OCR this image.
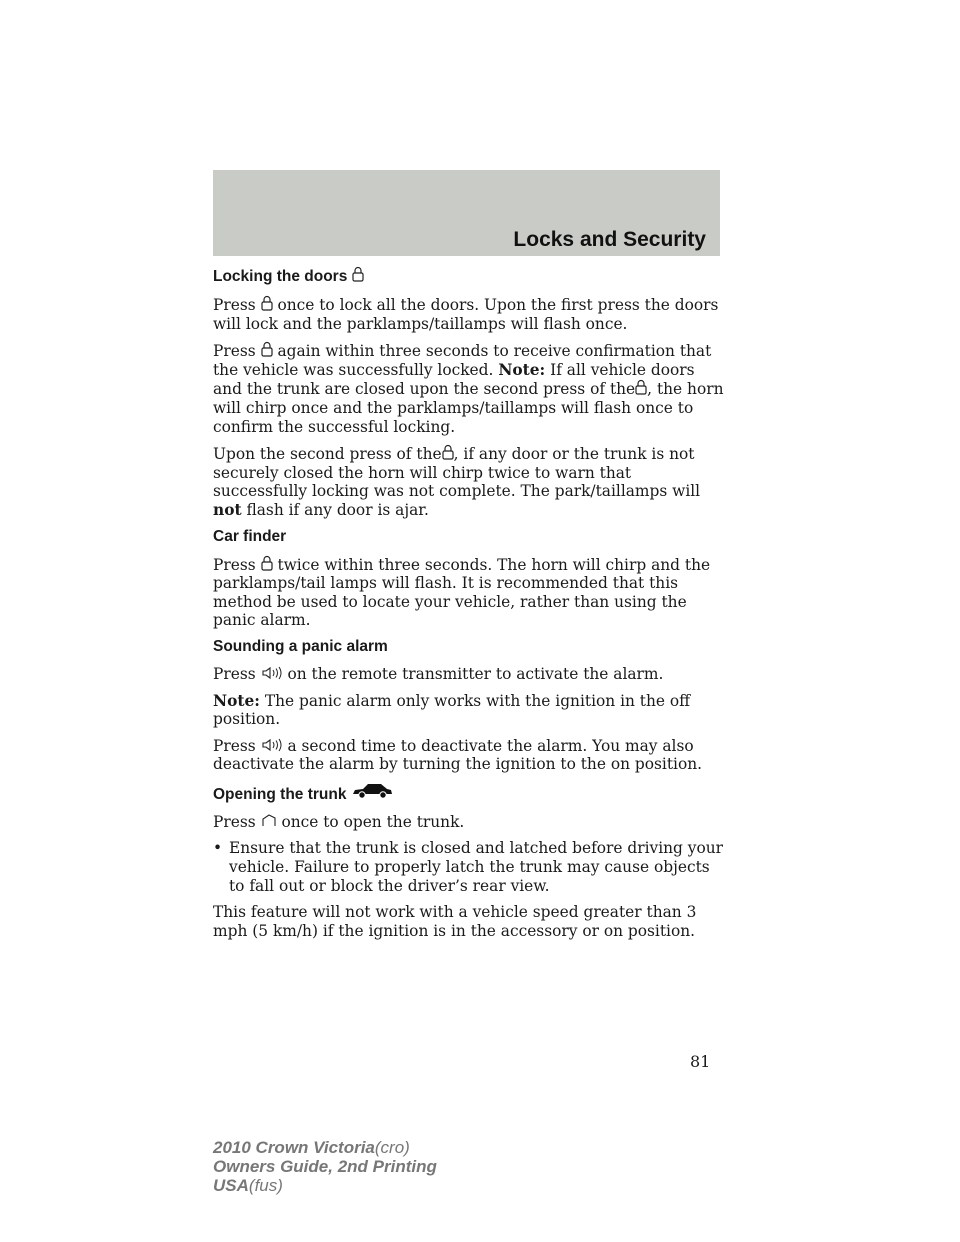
Locks and Security
Locking the doors

Press once to lock all the doors. Upon the first press the doors will lock and the parklamps/taillamps will flash once.

Press again within three seconds to receive confirmation that the vehicle was successfully locked. Note: If all vehicle doors and the trunk are closed upon the second press of the , the horn will chirp once and the parklamps/taillamps will flash once to confirm the successful locking.

Upon the second press of the , if any door or the trunk is not securely closed the horn will chirp twice to warn that successfully locking was not complete. The park/taillamps will not flash if any door is ajar.

Car finder

Press twice within three seconds. The horn will chirp and the parklamps/tail lamps will flash. It is recommended that this method be used to locate your vehicle, rather than using the panic alarm.

Sounding a panic alarm

Press on the remote transmitter to activate the alarm.

Note: The panic alarm only works with the ignition in the off position.

Press a second time to deactivate the alarm. You may also deactivate the alarm by turning the ignition to the on position.

Opening the trunk

Press once to open the trunk.

• Ensure that the trunk is closed and latched before driving your vehicle. Failure to properly latch the trunk may cause objects to fall out or block the driver’s rear view.

This feature will not work with a vehicle speed greater than 3 mph (5 km/h) if the ignition is in the accessory or on position.

81
2010 Crown Victoria(cro)
Owners Guide, 2nd Printing
USA(fus)
